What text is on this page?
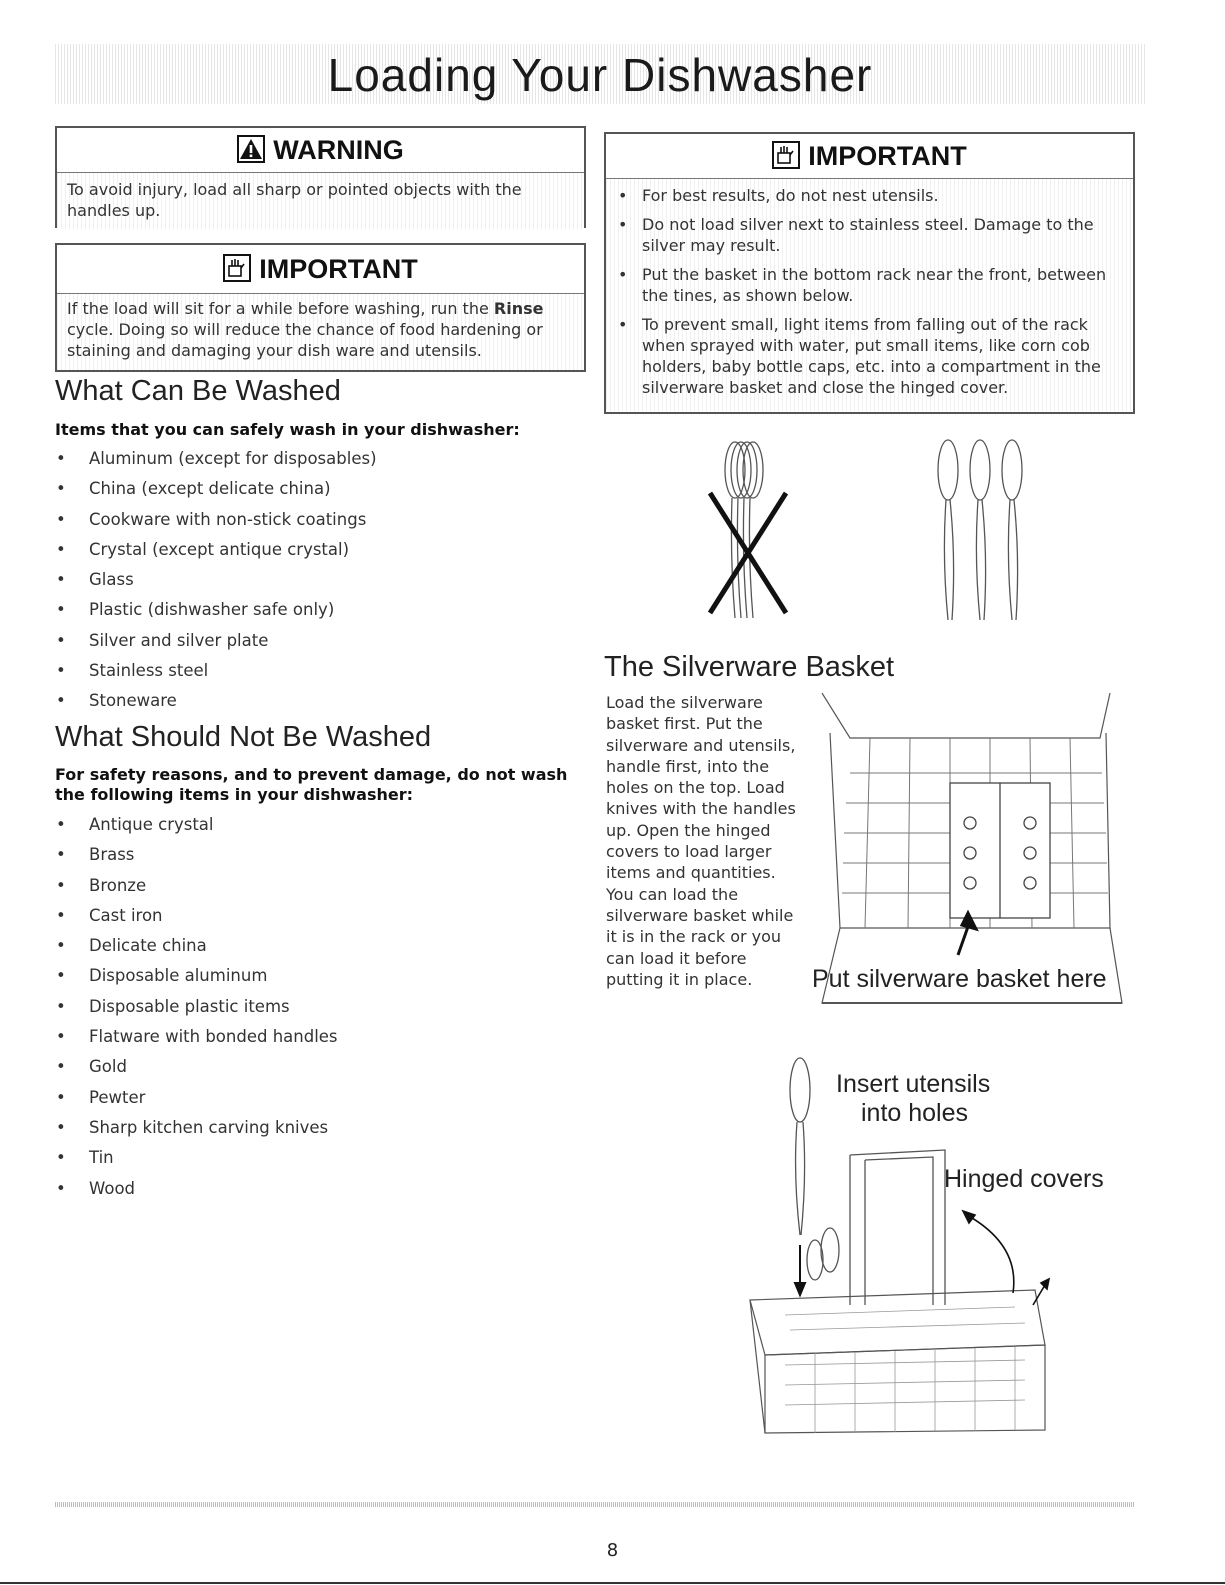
Loading Your Dishwasher
WARNING
To avoid injury, load all sharp or pointed objects with the handles up.
IMPORTANT
If the load will sit for a while before washing, run the Rinse cycle. Doing so will reduce the chance of food hardening or staining and damaging your dish ware and utensils.
What Can Be Washed

Items that you can safely wash in your dishwasher:

• Aluminum (except for disposables)
• China (except delicate china)
• Cookware with non-stick coatings
• Crystal (except antique crystal)
• Glass
• Plastic (dishwasher safe only)
• Silver and silver plate
• Stainless steel
• Stoneware
What Should Not Be Washed

For safety reasons, and to prevent damage, do not wash the following items in your dishwasher:

• Antique crystal
• Brass
• Bronze
• Cast iron
• Delicate china
• Disposable aluminum
• Disposable plastic items
• Flatware with bonded handles
• Gold
• Pewter
• Sharp kitchen carving knives
• Tin
• Wood
IMPORTANT
• For best results, do not nest utensils.
• Do not load silver next to stainless steel. Damage to the silver may result.
• Put the basket in the bottom rack near the front, between the tines, as shown below.
• To prevent small, light items from falling out of the rack when sprayed with water, put small items, like corn cob holders, baby bottle caps, etc. into a compartment in the silverware basket and close the hinged cover.
The Silverware Basket
Load the silverware basket first. Put the silverware and utensils, handle first, into the holes on the top. Load knives with the handles up. Open the hinged covers to load larger items and quantities. You can load the silverware basket while it is in the rack or you can load it before putting it in place.	Put silverware basket here
Insert utensils
into holes
Hinged covers
8
